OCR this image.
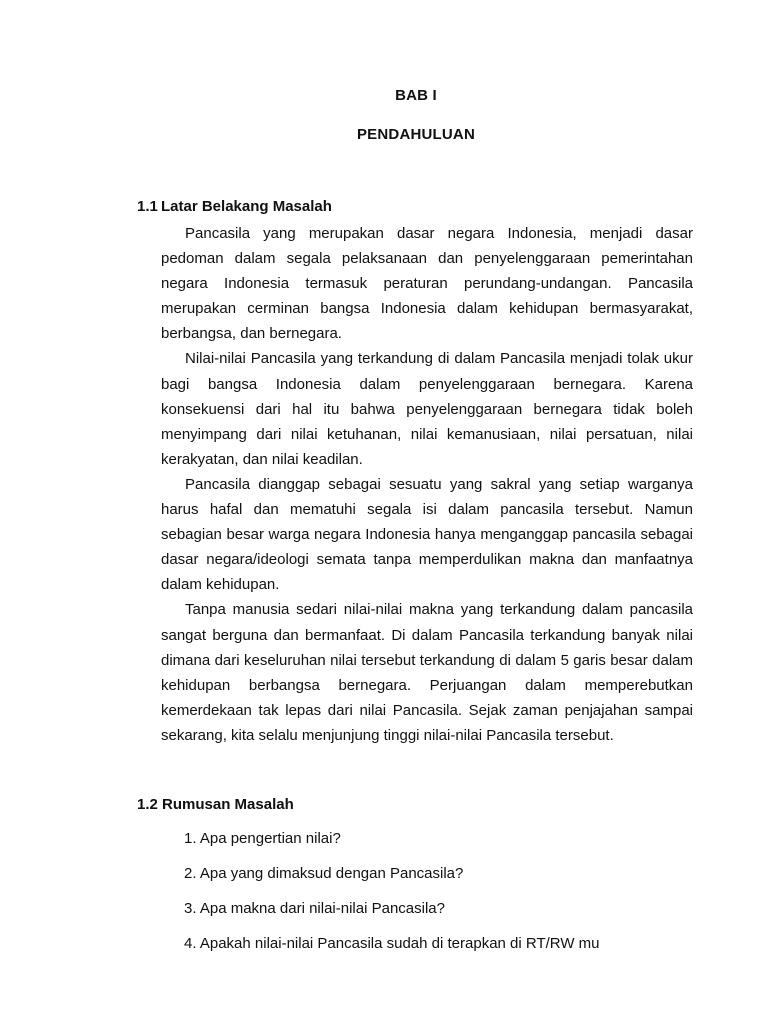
BAB I
PENDAHULUAN
1.1 Latar Belakang Masalah

Pancasila yang merupakan dasar negara Indonesia, menjadi dasar pedoman dalam segala pelaksanaan dan penyelenggaraan pemerintahan negara Indonesia termasuk peraturan perundang-undangan. Pancasila merupakan cerminan bangsa Indonesia dalam kehidupan bermasyarakat, berbangsa, dan bernegara.

Nilai-nilai Pancasila yang terkandung di dalam Pancasila menjadi tolak ukur bagi bangsa Indonesia dalam penyelenggaraan bernegara. Karena konsekuensi dari hal itu bahwa penyelenggaraan bernegara tidak boleh menyimpang dari nilai ketuhanan, nilai kemanusiaan, nilai persatuan, nilai kerakyatan, dan nilai keadilan.

Pancasila dianggap sebagai sesuatu yang sakral yang setiap warganya harus hafal dan mematuhi segala isi dalam pancasila tersebut. Namun sebagian besar warga negara Indonesia hanya menganggap pancasila sebagai dasar negara/ideologi semata tanpa memperdulikan makna dan manfaatnya dalam kehidupan.

Tanpa manusia sedari nilai-nilai makna yang terkandung dalam pancasila sangat berguna dan bermanfaat. Di dalam Pancasila terkandung banyak nilai dimana dari keseluruhan nilai tersebut terkandung di dalam 5 garis besar dalam kehidupan berbangsa bernegara. Perjuangan dalam memperebutkan kemerdekaan tak lepas dari nilai Pancasila. Sejak zaman penjajahan sampai sekarang, kita selalu menjunjung tinggi nilai-nilai Pancasila tersebut.

1.2 Rumusan Masalah
1. Apa pengertian nilai?
2. Apa yang dimaksud dengan Pancasila?
3. Apa makna dari nilai-nilai Pancasila?
4. Apakah nilai-nilai Pancasila sudah di terapkan di RT/RW mu
